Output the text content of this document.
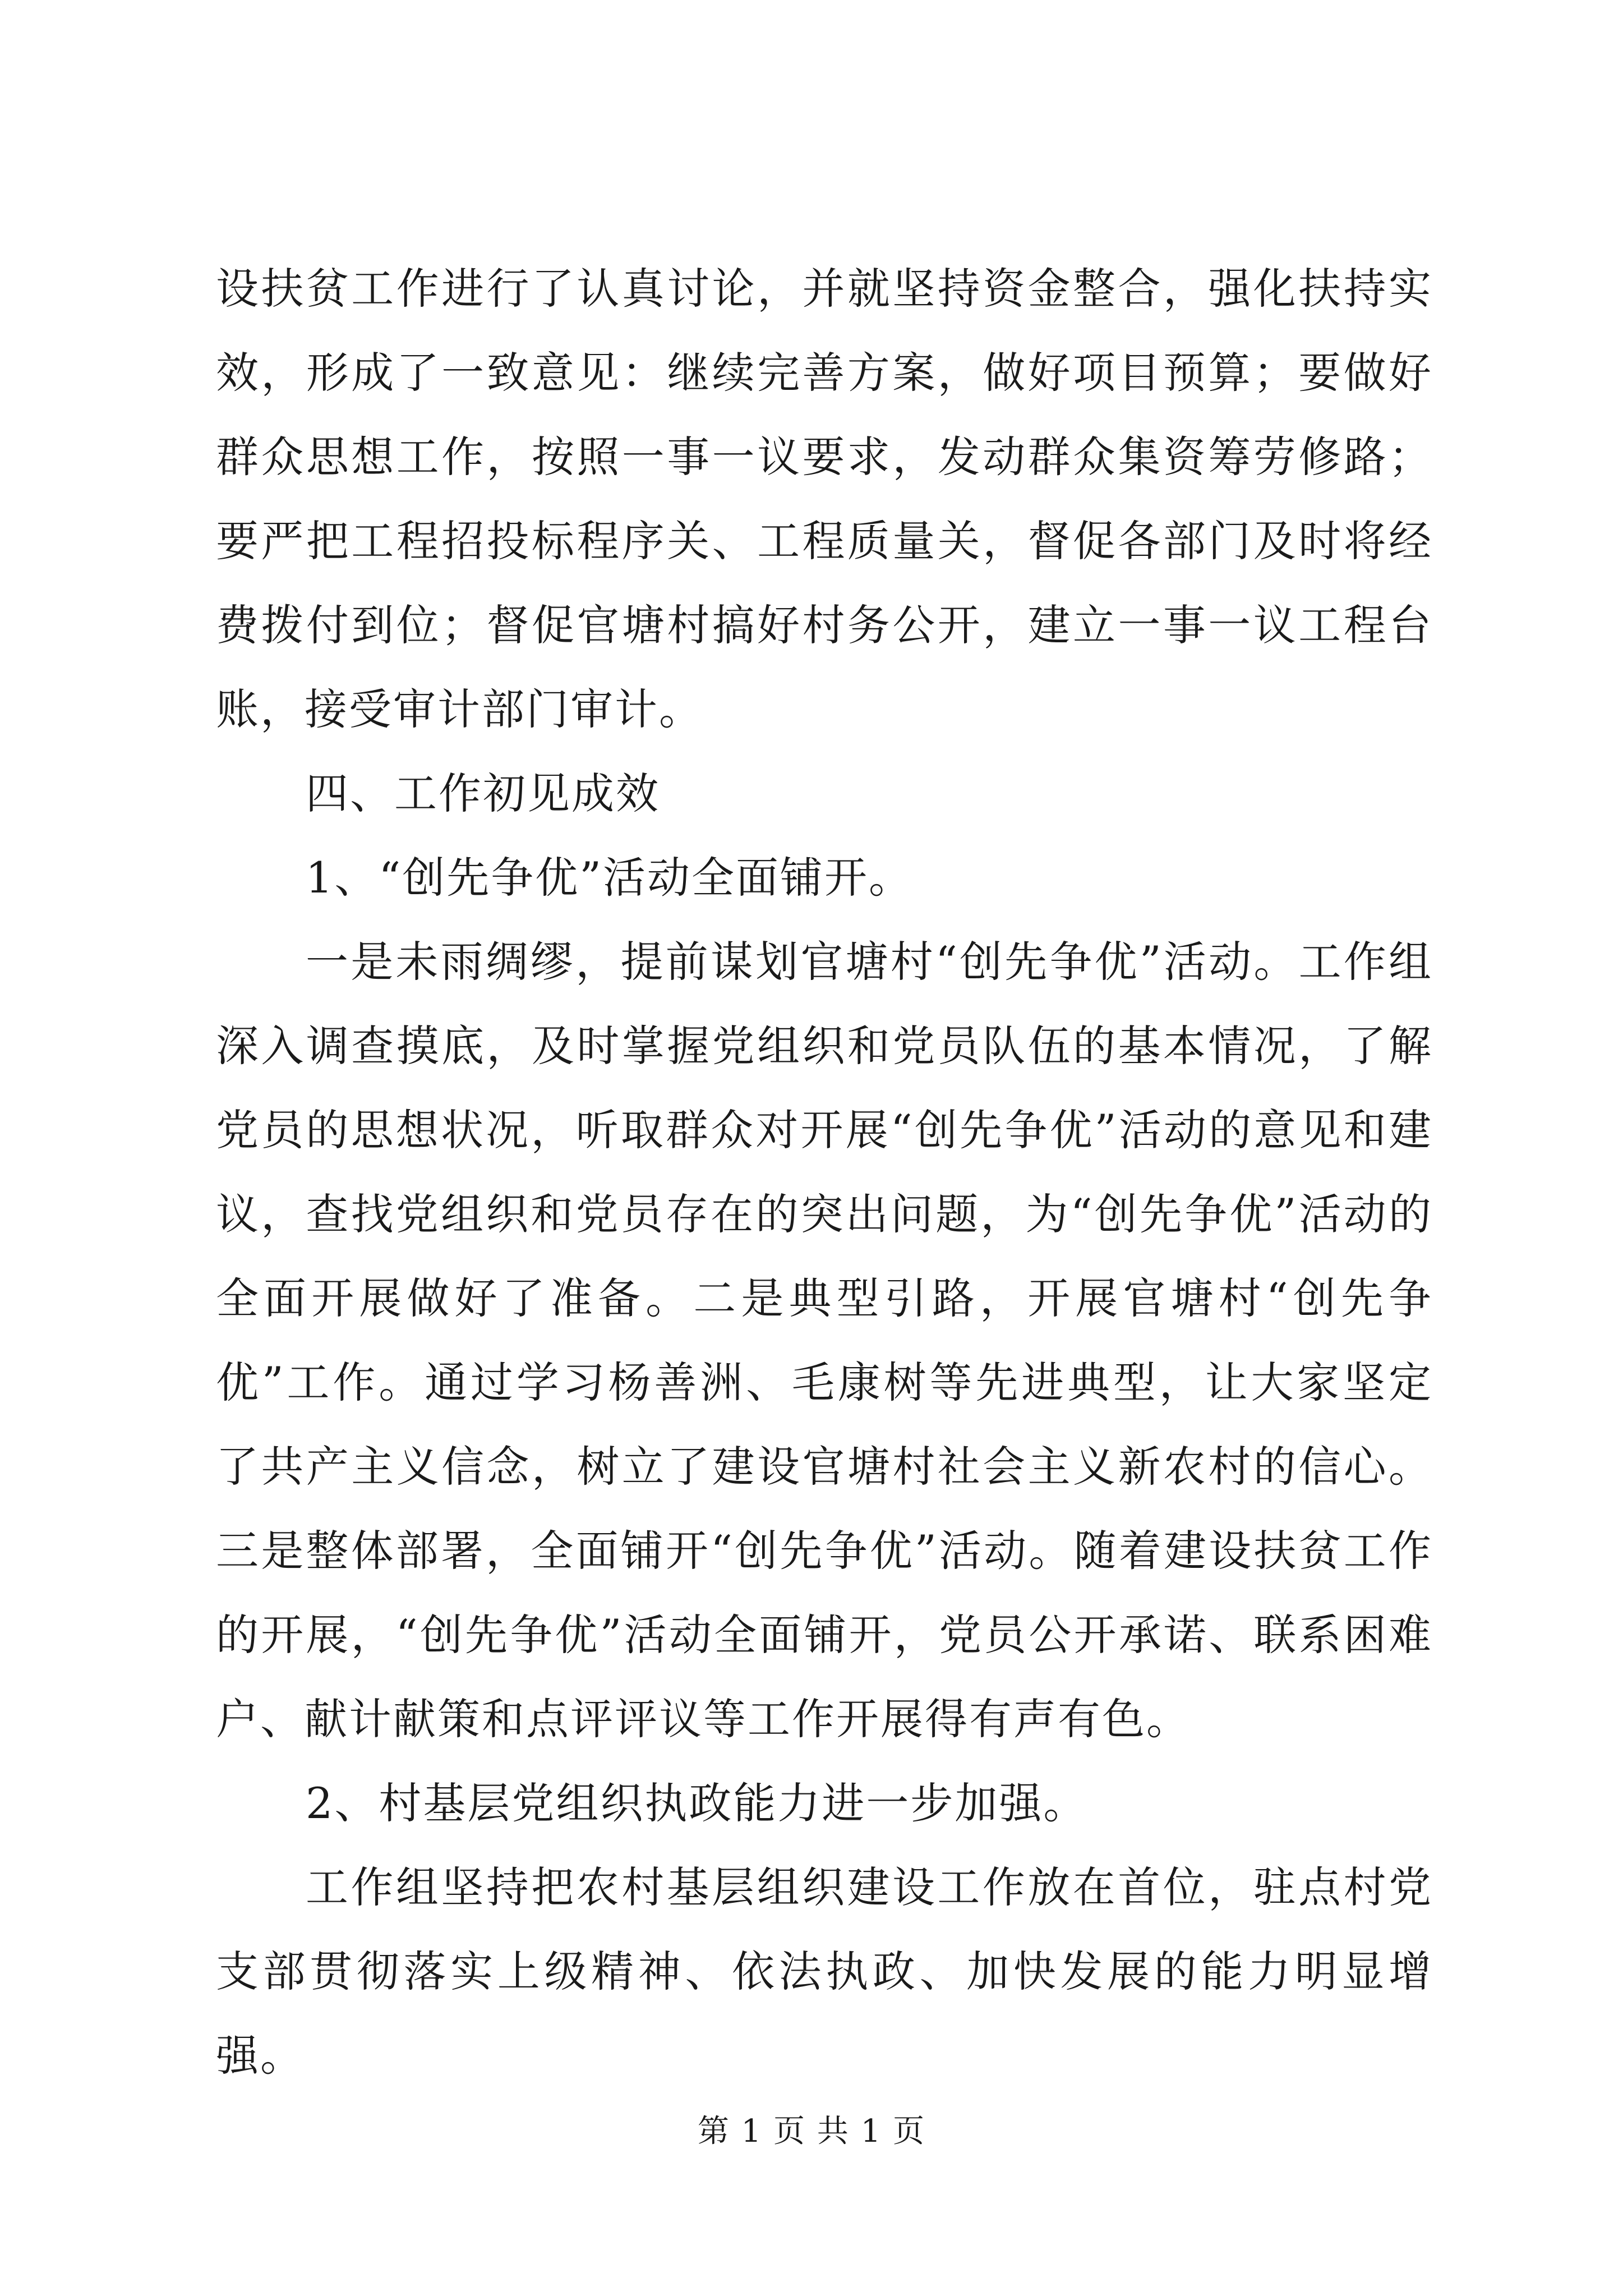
设扶贫工作进行了认真讨论，并就坚持资金整合，强化扶持实效，形成了一致意见：继续完善方案，做好项目预算；要做好群众思想工作，按照一事一议要求，发动群众集资筹劳修路；要严把工程招投标程序关、工程质量关，督促各部门及时将经费拨付到位；督促官塘村搞好村务公开，建立一事一议工程台账，接受审计部门审计。

四、工作初见成效

1、“创先争优”活动全面铺开。

一是未雨绸缪，提前谋划官塘村“创先争优”活动。工作组深入调查摸底，及时掌握党组织和党员队伍的基本情况，了解党员的思想状况，听取群众对开展“创先争优”活动的意见和建议，查找党组织和党员存在的突出问题，为“创先争优”活动的全面开展做好了准备。二是典型引路，开展官塘村“创先争优”工作。通过学习杨善洲、毛康树等先进典型，让大家坚定了共产主义信念，树立了建设官塘村社会主义新农村的信心。三是整体部署，全面铺开“创先争优”活动。随着建设扶贫工作的开展，“创先争优”活动全面铺开，党员公开承诺、联系困难户、献计献策和点评评议等工作开展得有声有色。

2、村基层党组织执政能力进一步加强。

工作组坚持把农村基层组织建设工作放在首位，驻点村党支部贯彻落实上级精神、依法执政、加快发展的能力明显增强。

第 1 页 共 1 页
